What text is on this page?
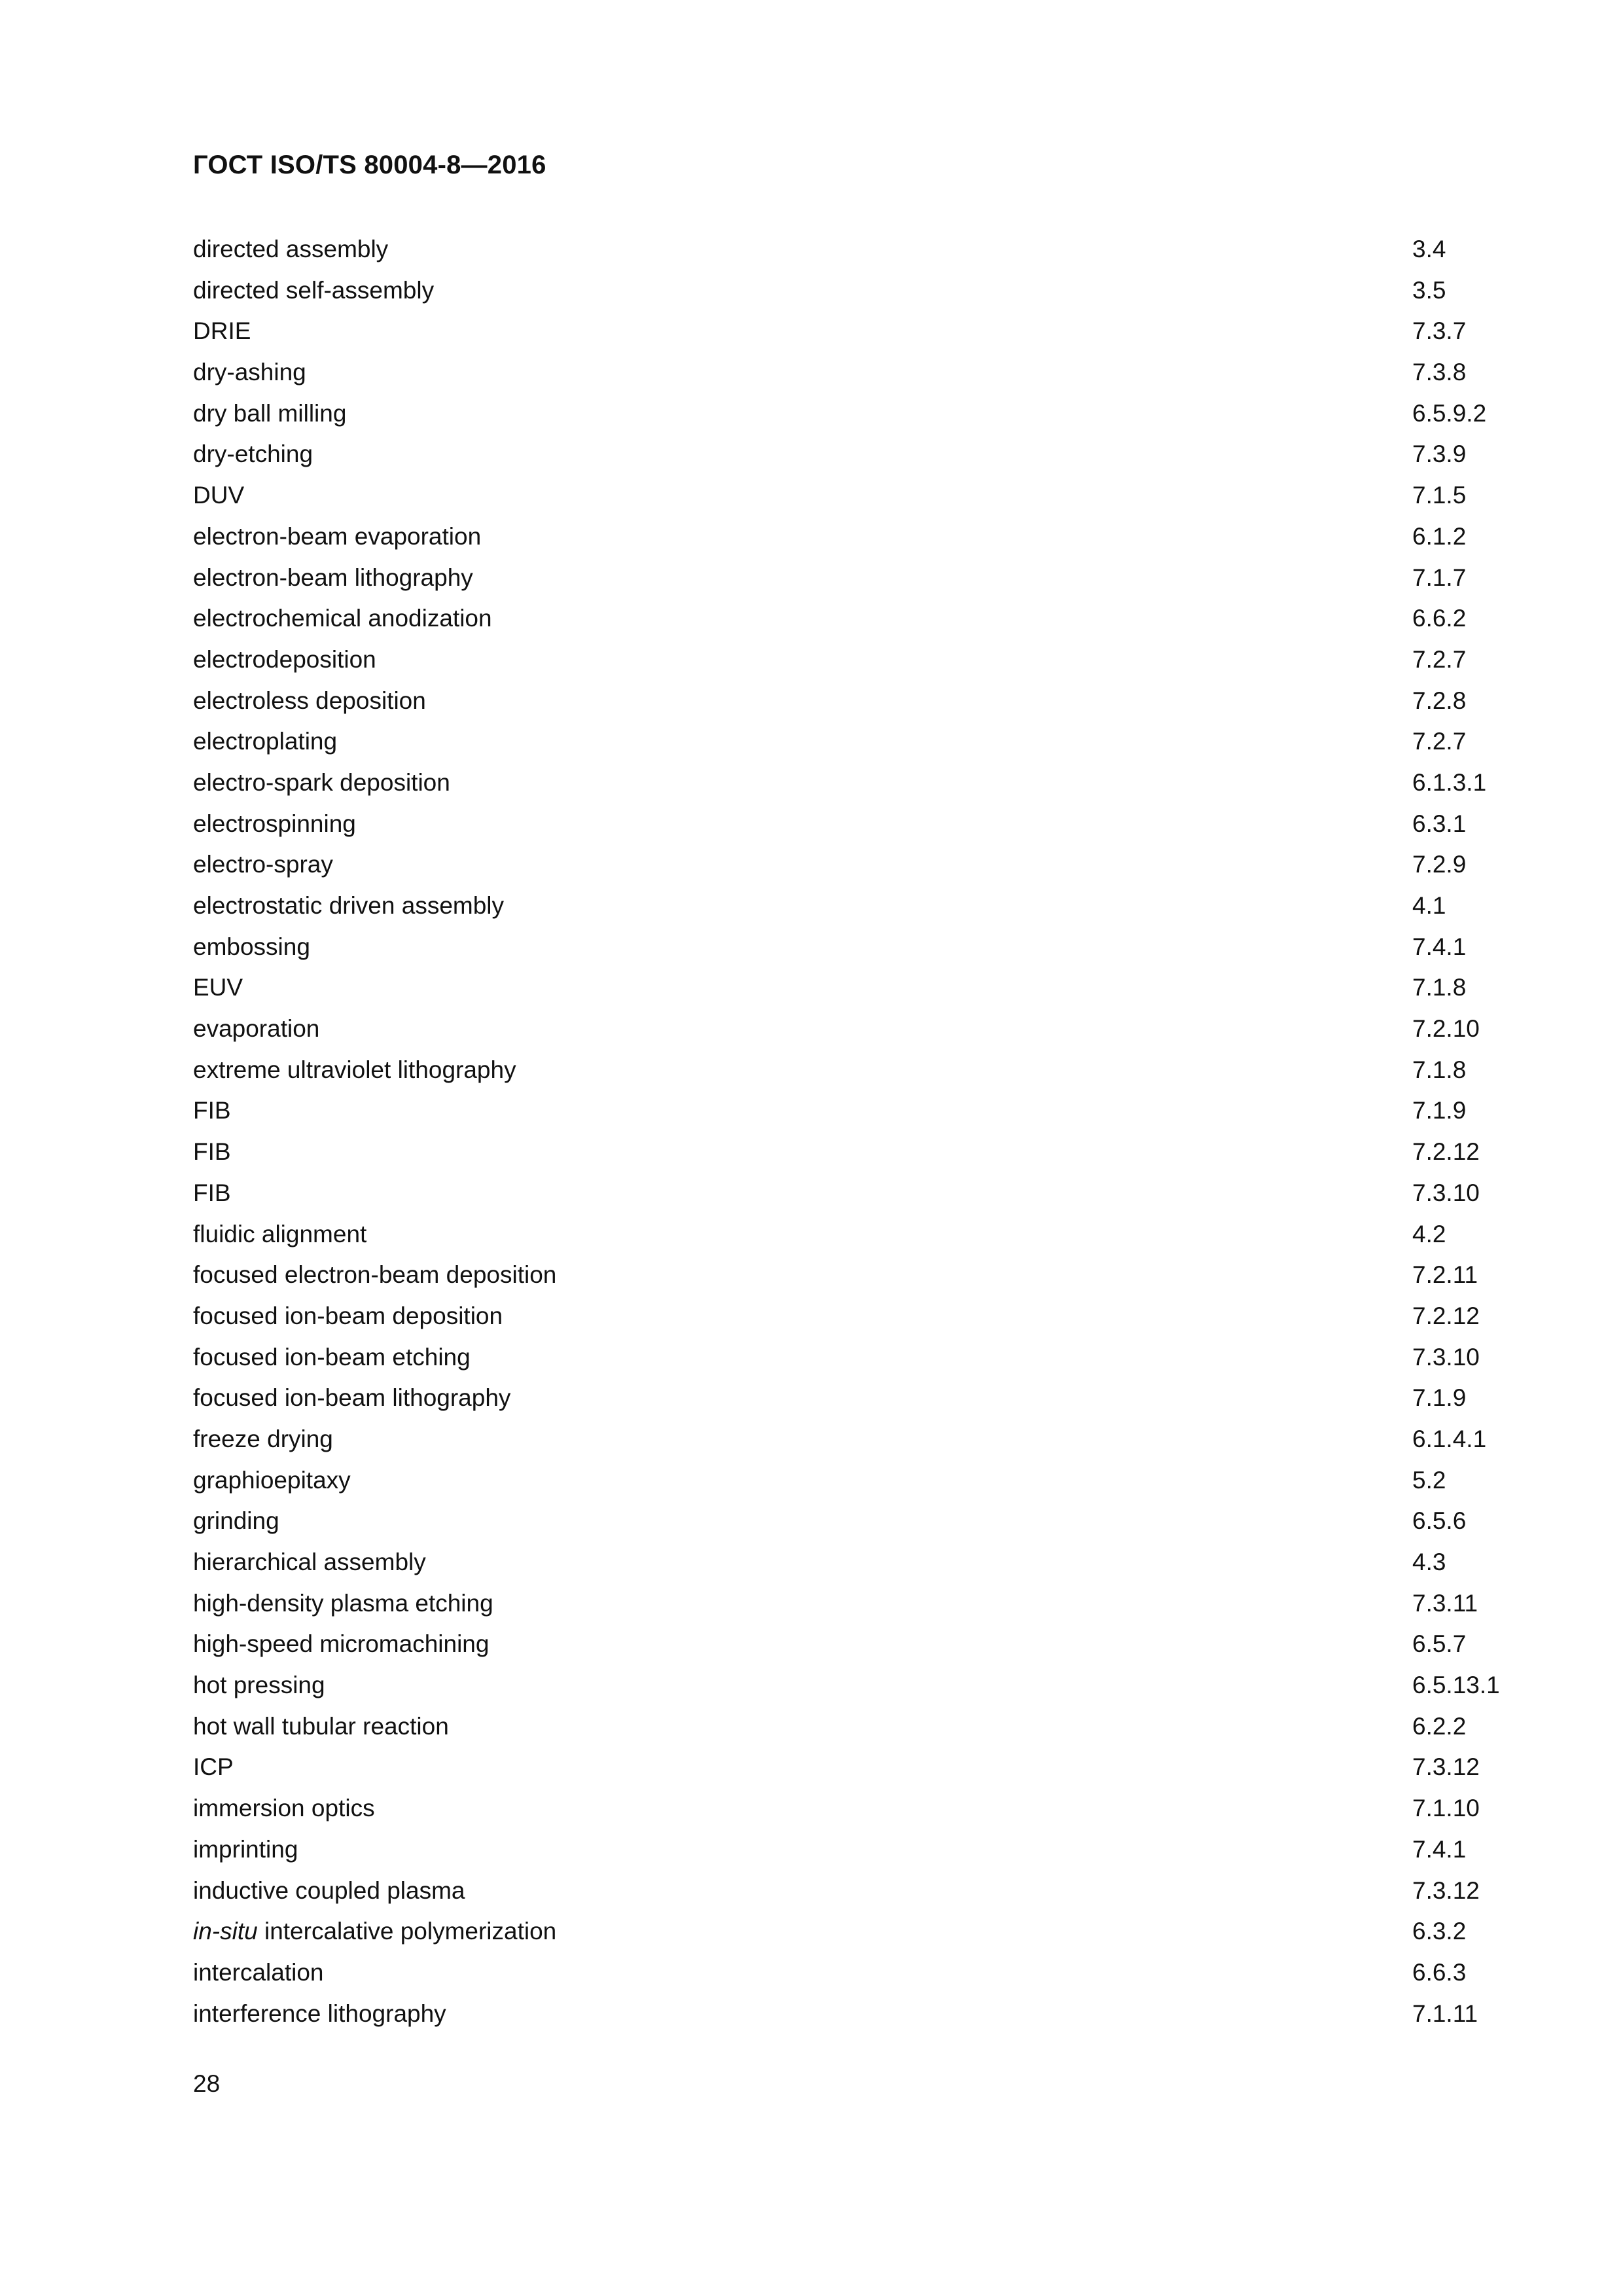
ГОСТ ISO/TS 80004-8—2016
directed assembly	3.4
directed self-assembly	3.5
DRIE	7.3.7
dry-ashing	7.3.8
dry ball milling	6.5.9.2
dry-etching	7.3.9
DUV	7.1.5
electron-beam evaporation	6.1.2
electron-beam lithography	7.1.7
electrochemical anodization	6.6.2
electrodeposition	7.2.7
electroless deposition	7.2.8
electroplating	7.2.7
electro-spark deposition	6.1.3.1
electrospinning	6.3.1
electro-spray	7.2.9
electrostatic driven assembly	4.1
embossing	7.4.1
EUV	7.1.8
evaporation	7.2.10
extreme ultraviolet lithography	7.1.8
FIB	7.1.9
FIB	7.2.12
FIB	7.3.10
fluidic alignment	4.2
focused electron-beam deposition	7.2.11
focused ion-beam deposition	7.2.12
focused ion-beam etching	7.3.10
focused ion-beam lithography	7.1.9
freeze drying	6.1.4.1
graphioepitaxy	5.2
grinding	6.5.6
hierarchical assembly	4.3
high-density plasma etching	7.3.11
high-speed micromachining	6.5.7
hot pressing	6.5.13.1
hot wall tubular reaction	6.2.2
ICP	7.3.12
immersion optics	7.1.10
imprinting	7.4.1
inductive coupled plasma	7.3.12
in-situ intercalative polymerization	6.3.2
intercalation	6.6.3
interference lithography	7.1.11
28
